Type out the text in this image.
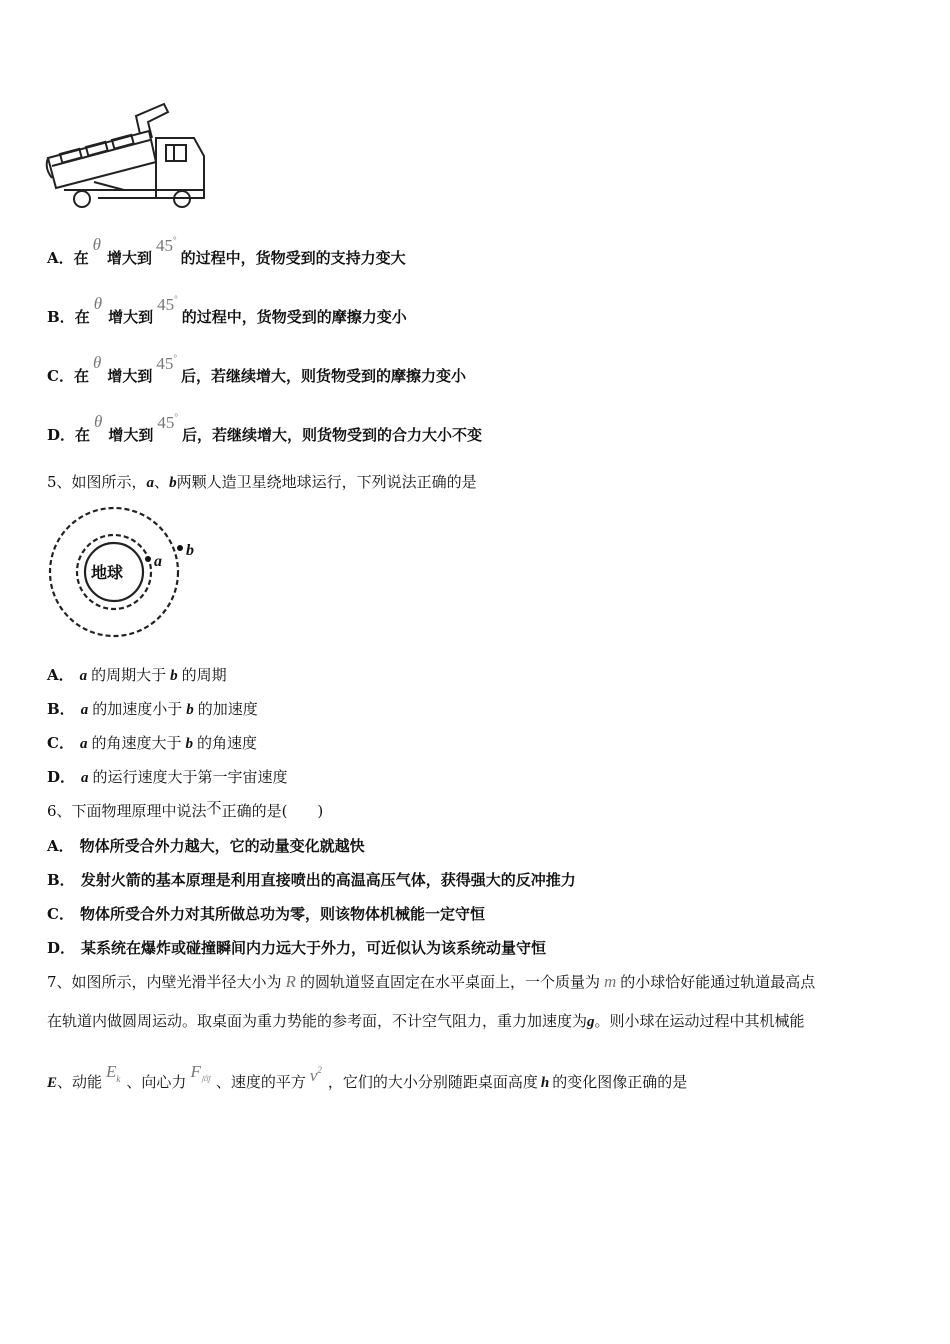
A．在θ增大到45°的过程中，货物受到的支持力变大
B．在θ增大到45°的过程中，货物受到的摩擦力变小
C．在θ增大到45°后，若继续增大，则货物受到的摩擦力变小
D．在θ增大到45°后，若继续增大，则货物受到的合力大小不变
5、如图所示，a、b两颗人造卫星绕地球运行，下列说法正确的是
地球
a
b
A． a 的周期大于 b 的周期
B． a 的加速度小于 b 的加速度
C． a 的角速度大于 b 的角速度
D． a 的运行速度大于第一宇宙速度
6、下面物理原理中说法不正确的是(　　)
A． 物体所受合外力越大，它的动量变化就越快
B． 发射火箭的基本原理是利用直接喷出的高温高压气体，获得强大的反冲推力
C． 物体所受合外力对其所做总功为零，则该物体机械能一定守恒
D． 某系统在爆炸或碰撞瞬间内力远大于外力，可近似认为该系统动量守恒
7、如图所示，内壁光滑半径大小为 R 的圆轨道竖直固定在水平桌面上，一个质量为 m 的小球恰好能通过轨道最高点
在轨道内做圆周运动。取桌面为重力势能的参考面，不计空气阻力，重力加速度为g。则小球在运动过程中其机械能
E、动能$E_k$ 、向心力$F_向$ 、速度的平方 $v^2$，它们的大小分别随距桌面高度 h 的变化图像正确的是
